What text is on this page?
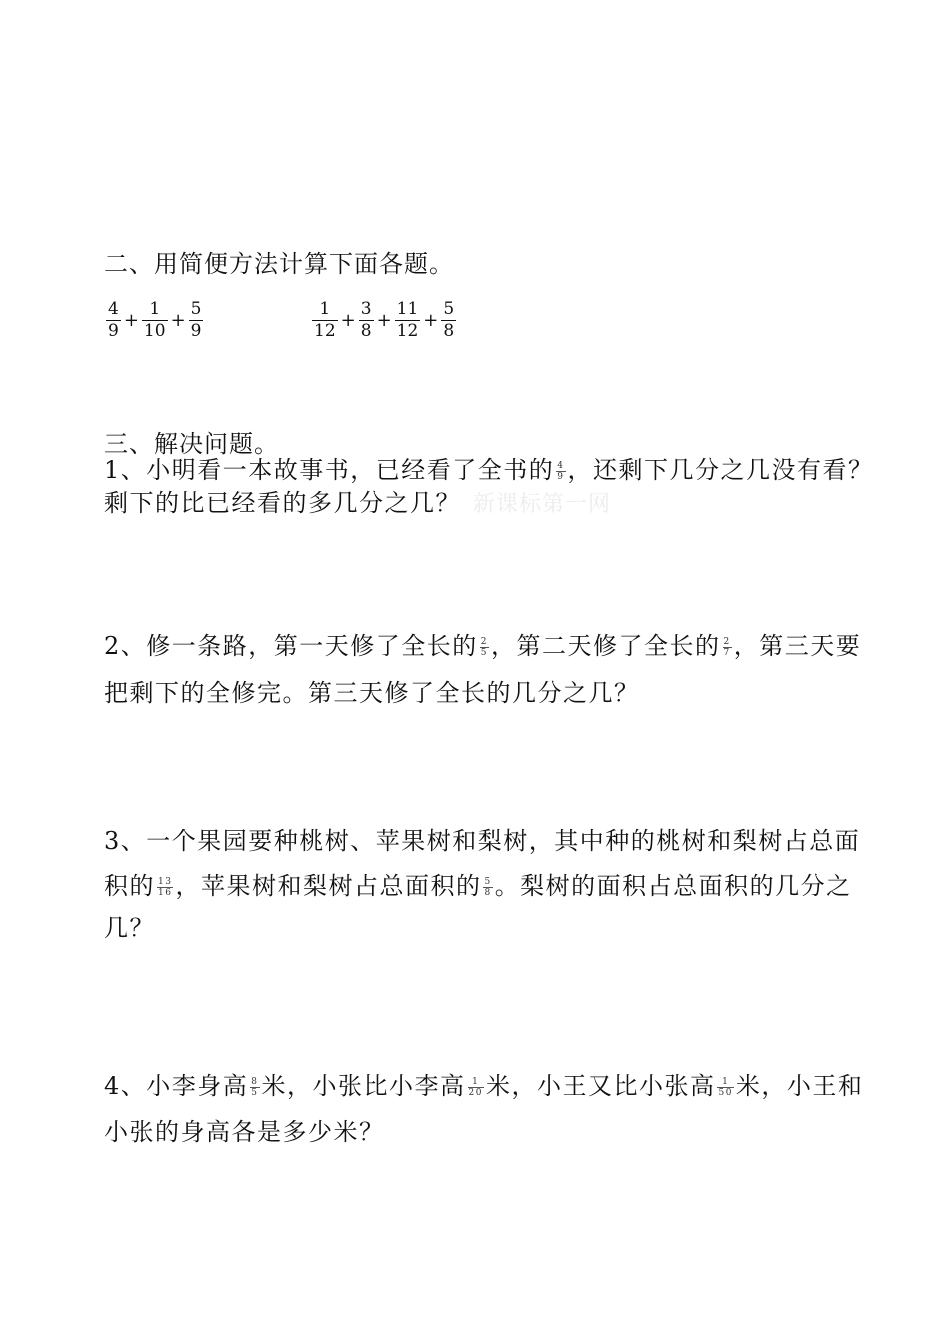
二、用简便方法计算下面各题。
$\frac{4}{9} + \frac{1}{10} + \frac{5}{9}$	$\frac{1}{12} + \frac{3}{8} + \frac{11}{12} + \frac{5}{8}$
三、解决问题。
1、小明看一本故事书，已经看了全书的 $\frac{4}{9}$ ，还剩下几分之几没有看？
剩下的比已经看的多几分之几？ 新课标第一网
2、修一条路，第一天修了全长的 $\frac{2}{5}$ ，第二天修了全长的 $\frac{2}{7}$ ，第三天要
把剩下的全修完。第三天修了全长的几分之几？
3、一个果园要种桃树、苹果树和梨树，其中种的桃树和梨树占总面
积的 $\frac{13}{16}$ ，苹果树和梨树占总面积的 $\frac{5}{8}$ 。梨树的面积占总面积的几分之
几？
4、小李身高 $\frac{8}{5}$ 米，小张比小李高 $\frac{1}{20}$ 米，小王又比小张高 $\frac{1}{50}$ 米，小王和
小张的身高各是多少米？
